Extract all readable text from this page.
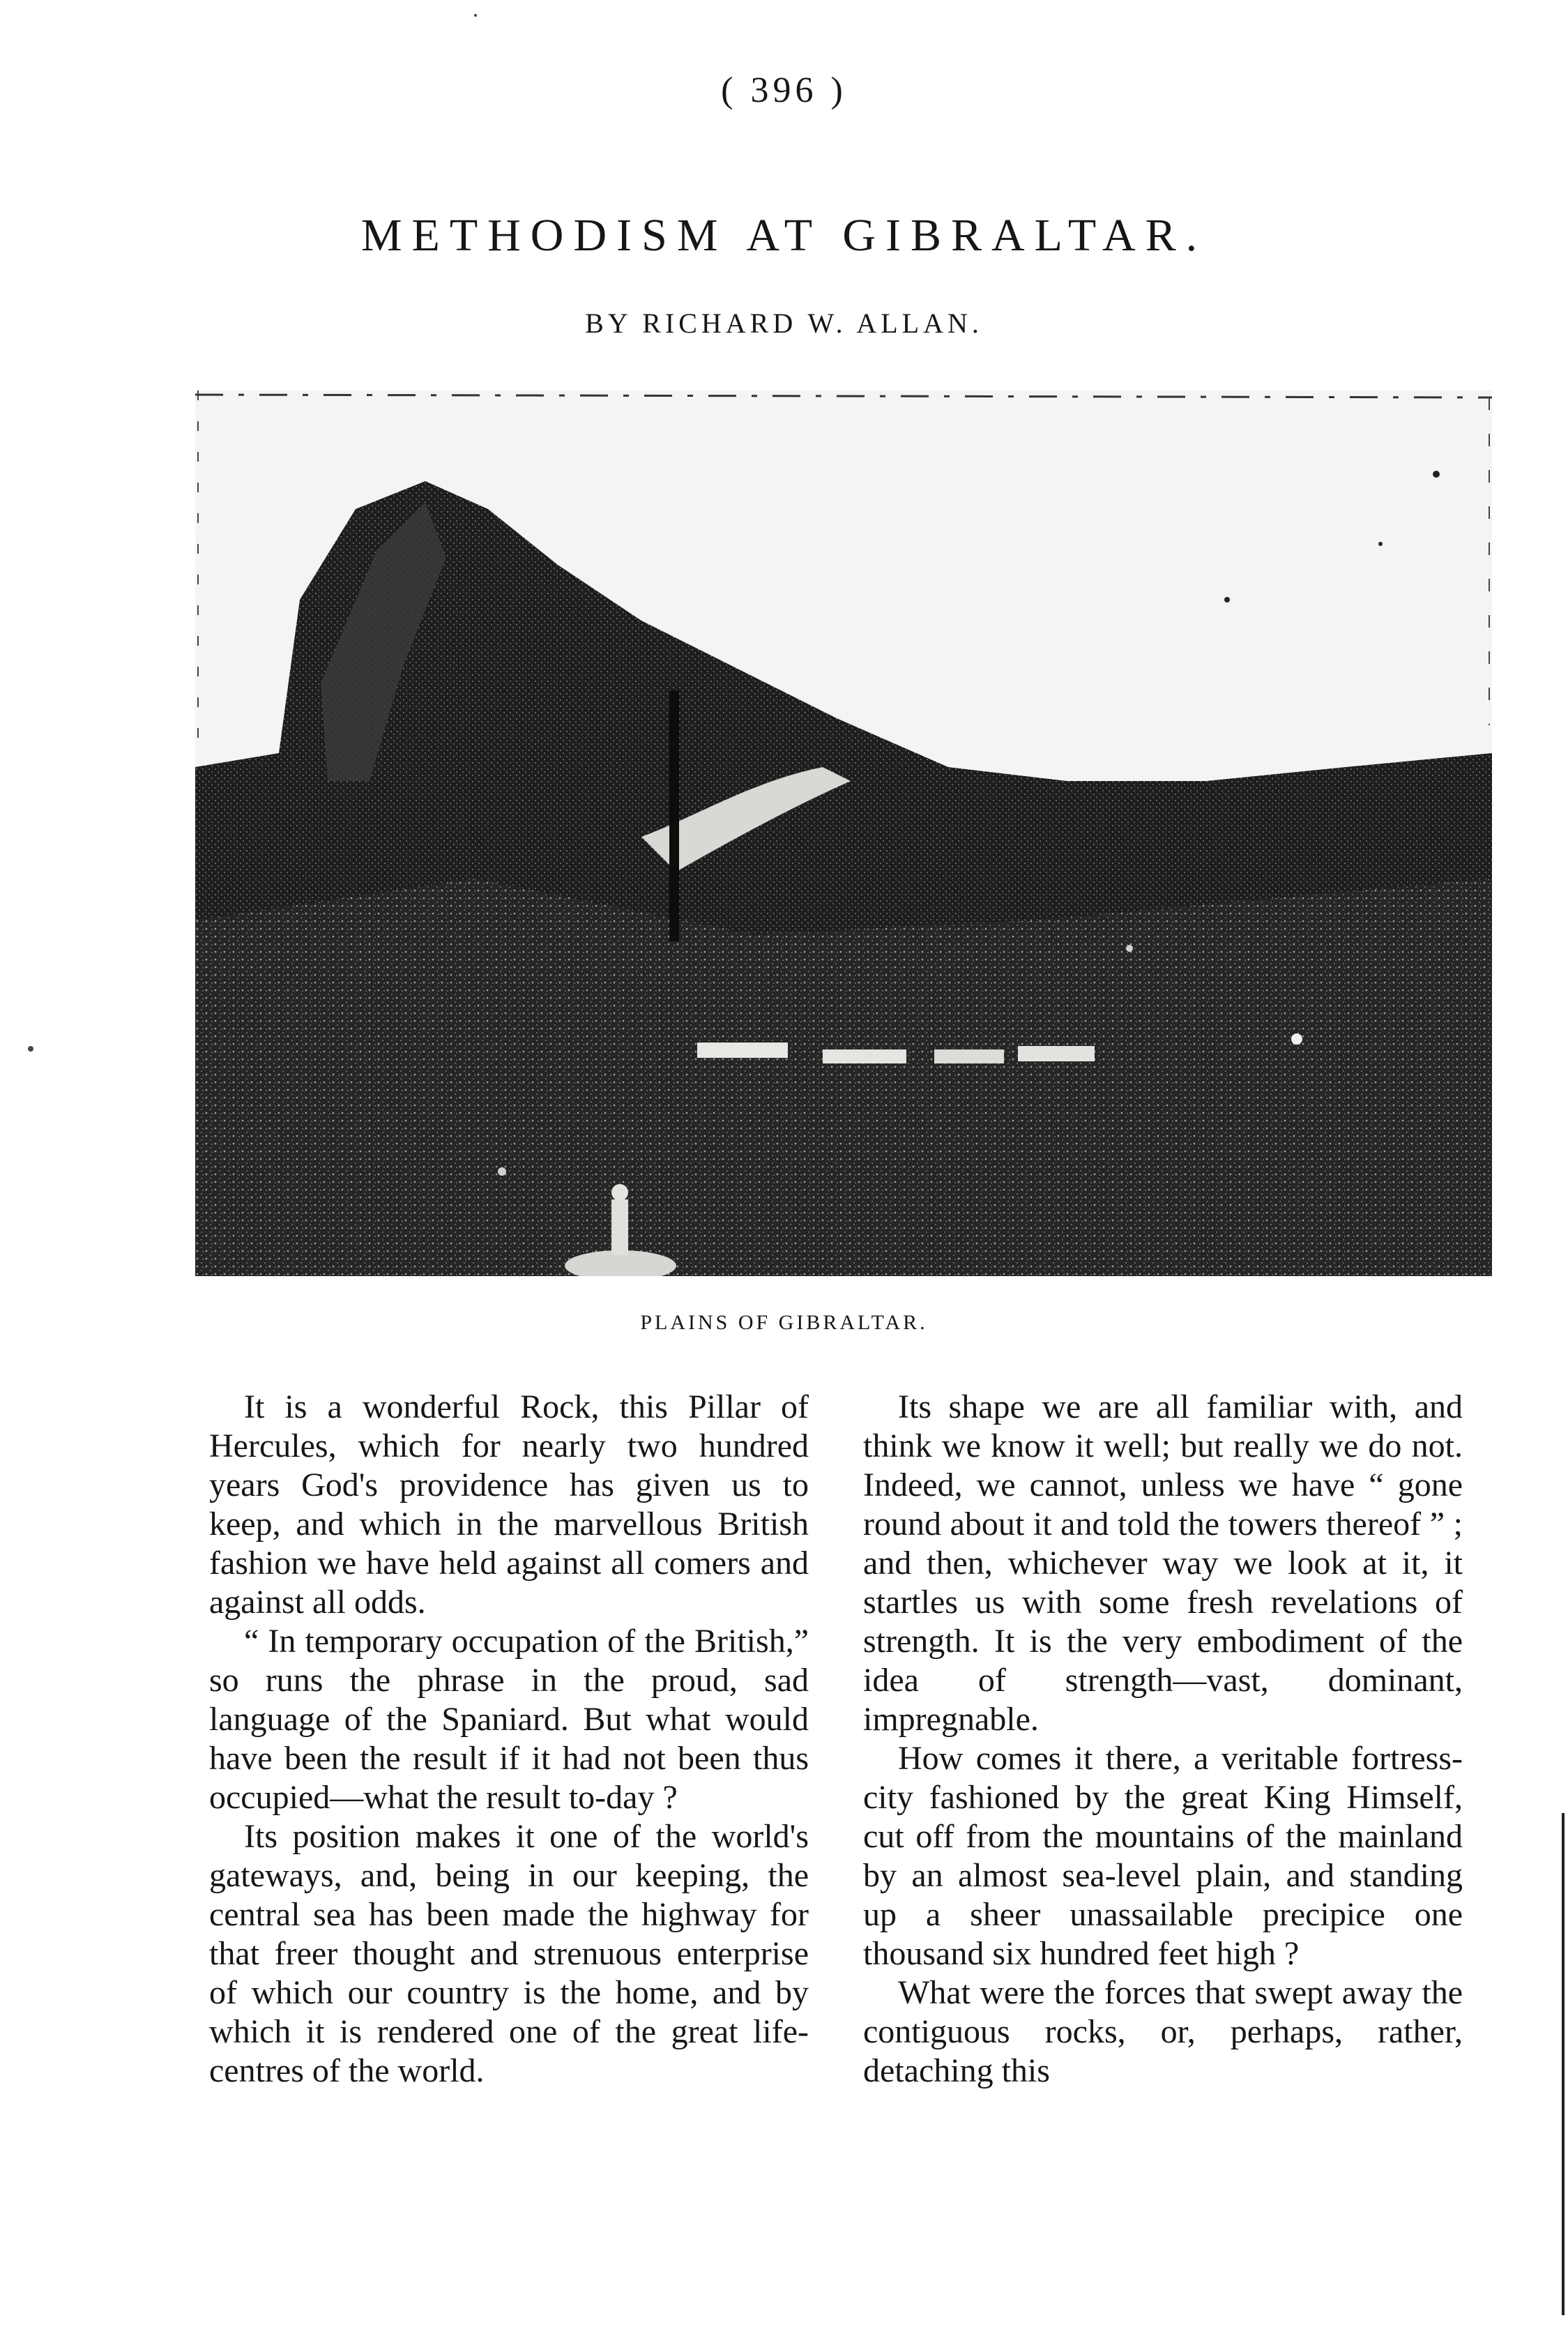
( 396 )
METHODISM AT GIBRALTAR.
BY RICHARD W. ALLAN.
PLAINS OF GIBRALTAR.

It is a wonderful Rock, this Pillar of Hercules, which for nearly two hundred years God's providence has given us to keep, and which in the marvellous British fashion we have held against all comers and against all odds.

“ In temporary occupation of the British,” so runs the phrase in the proud, sad language of the Spaniard. But what would have been the result if it had not been thus occupied—what the result to-day ?

Its position makes it one of the world's gateways, and, being in our keeping, the central sea has been made the highway for that freer thought and strenuous enterprise of which our country is the home, and by which it is rendered one of the great life-centres of the world.

Its shape we are all familiar with, and think we know it well; but really we do not. Indeed, we cannot, unless we have “ gone round about it and told the towers thereof ” ; and then, whichever way we look at it, it startles us with some fresh revelations of strength. It is the very embodiment of the idea of strength—vast, dominant, impregnable.

How comes it there, a veritable fortress-city fashioned by the great King Himself, cut off from the mountains of the mainland by an almost sea-level plain, and standing up a sheer unassailable precipice one thousand six hundred feet high ?

What were the forces that swept away the contiguous rocks, or, perhaps, rather, detaching this
